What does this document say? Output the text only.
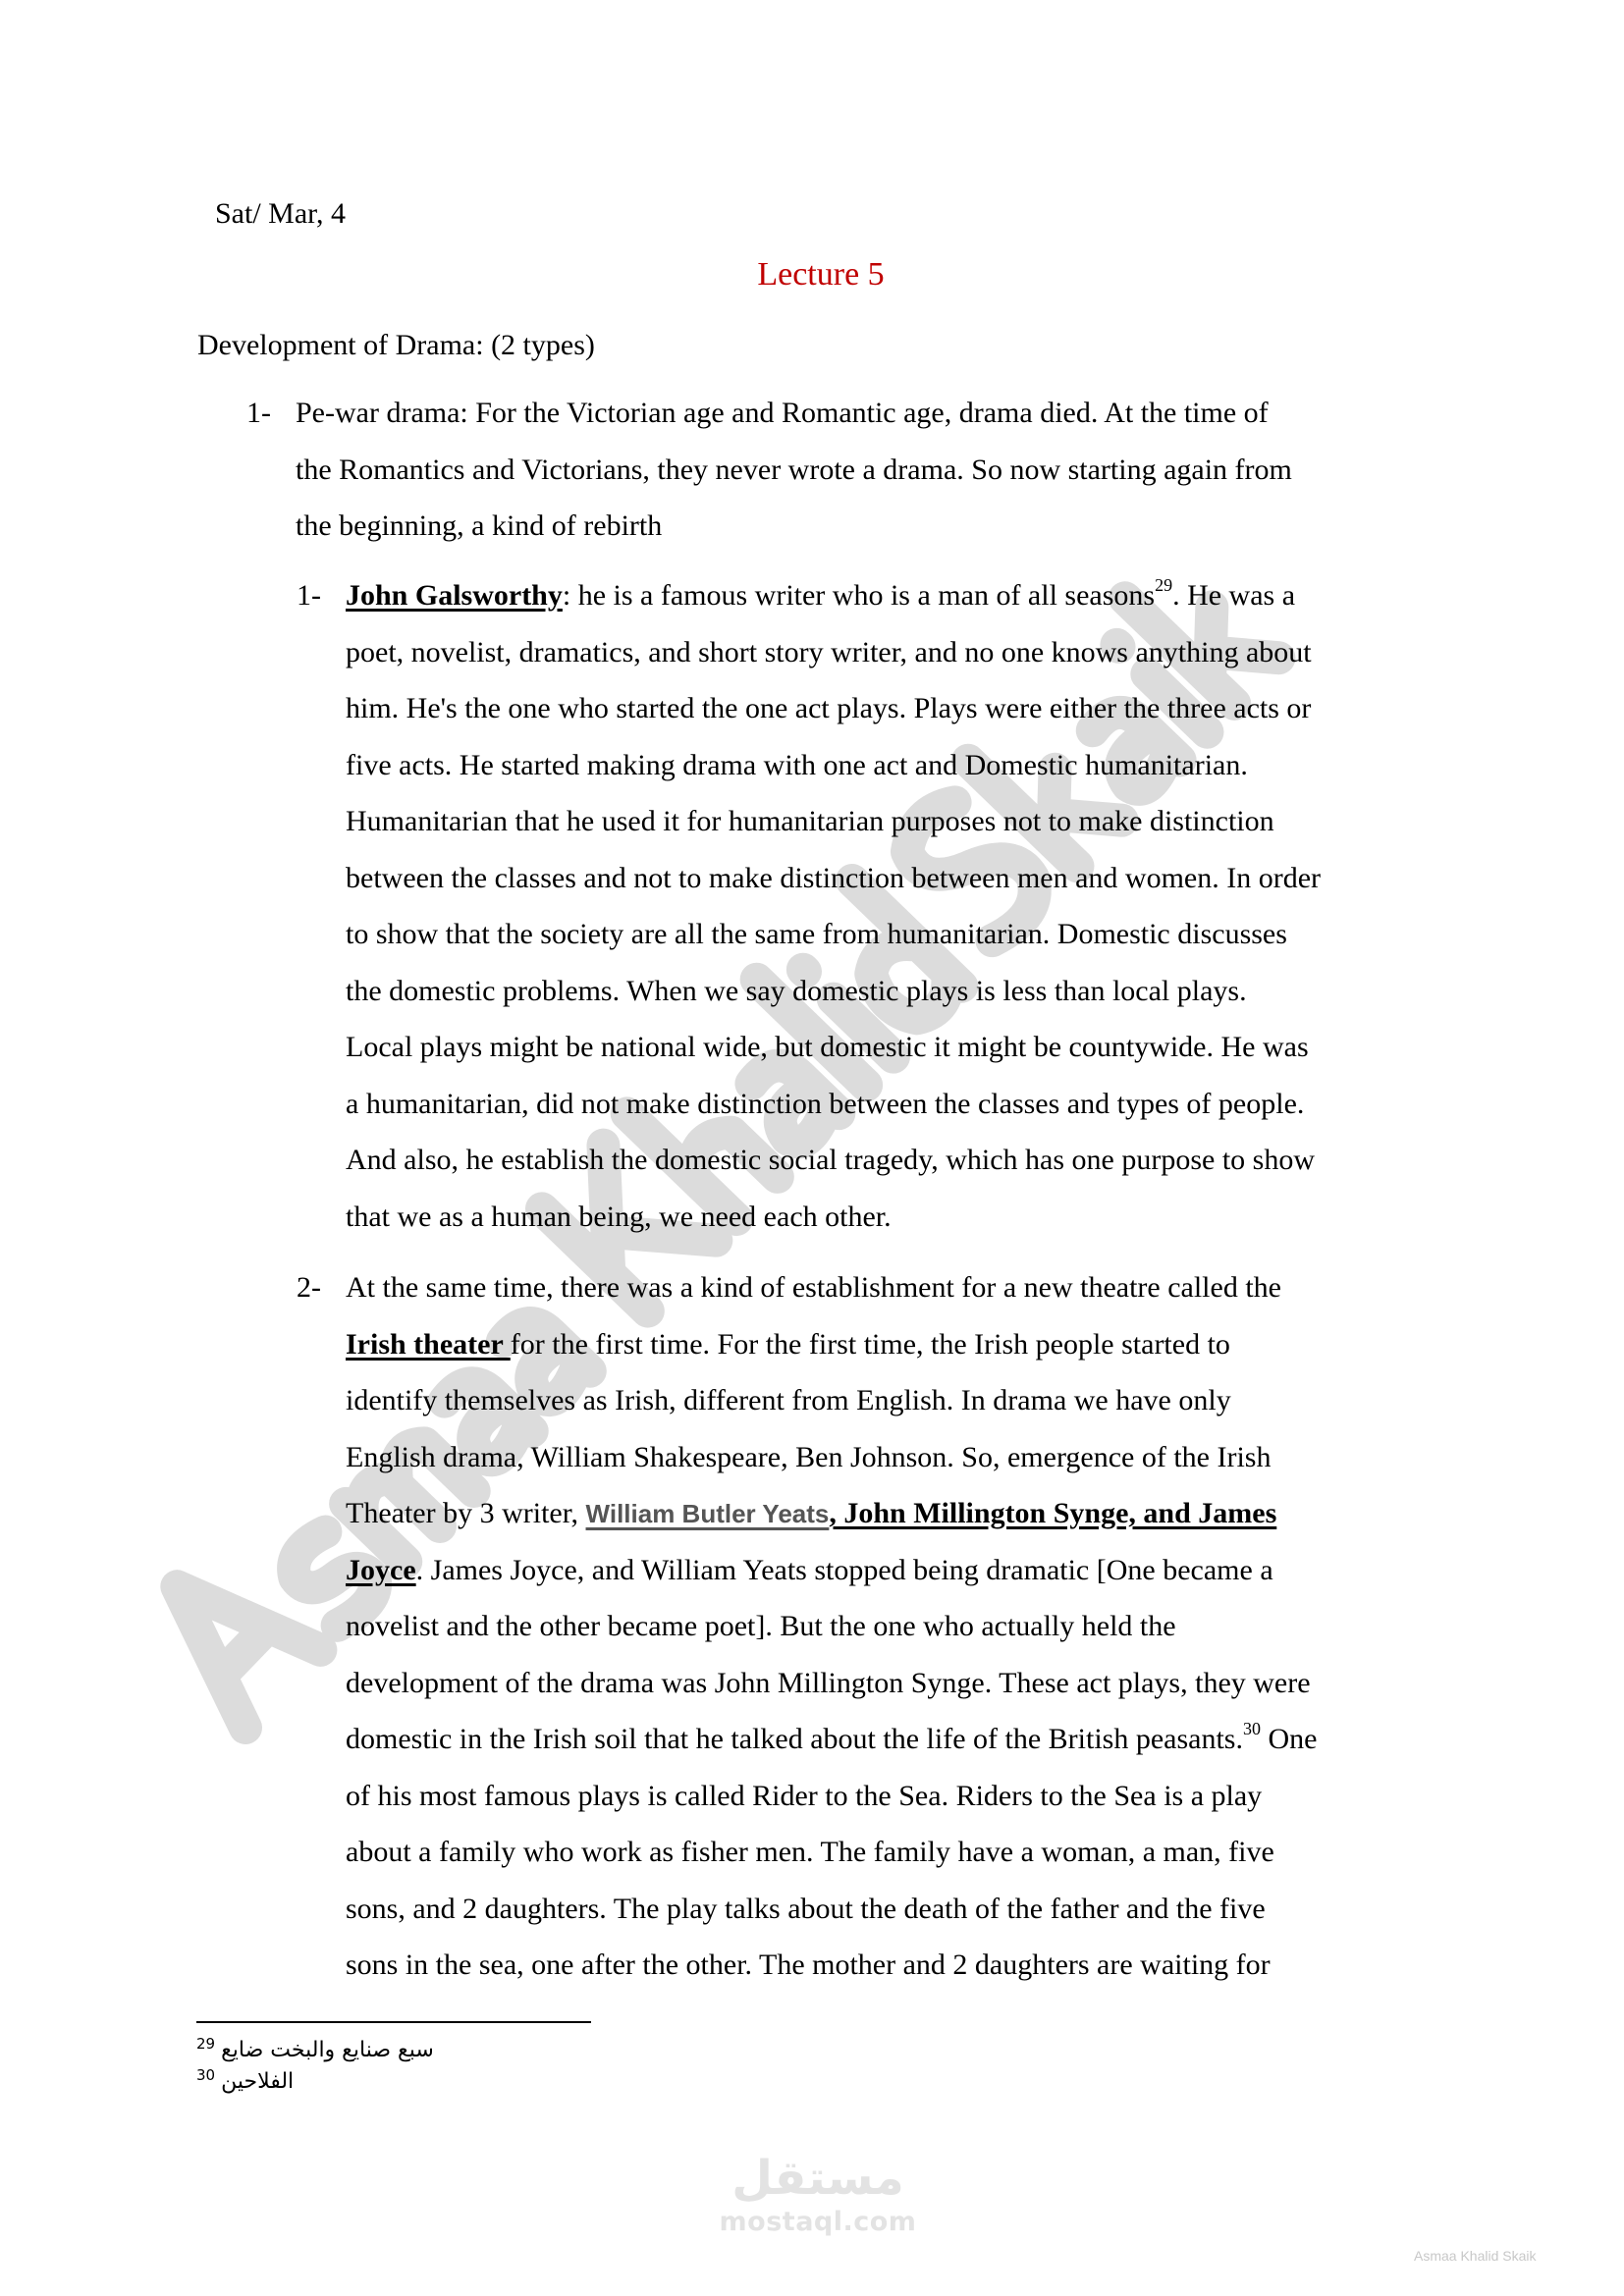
Sat/ Mar, 4
Lecture 5
Development of Drama: (2 types)
1- Pe-war drama: For the Victorian age and Romantic age, drama died. At the time of
the Romantics and Victorians, they never wrote a drama. So now starting again from
the beginning, a kind of rebirth
1- John Galsworthy: he is a famous writer who is a man of all seasons$^{29}$. He was a
poet, novelist, dramatics, and short story writer, and no one knows anything about
him. He's the one who started the one act plays. Plays were either the three acts or
five acts. He started making drama with one act and Domestic humanitarian.
Humanitarian that he used it for humanitarian purposes not to make distinction
between the classes and not to make distinction between men and women. In order
to show that the society are all the same from humanitarian. Domestic discusses
the domestic problems. When we say domestic plays is less than local plays.
Local plays might be national wide, but domestic it might be countywide. He was
a humanitarian, did not make distinction between the classes and types of people.
And also, he establish the domestic social tragedy, which has one purpose to show
that we as a human being, we need each other.
2- At the same time, there was a kind of establishment for a new theatre called the
Irish theater for the first time. For the first time, the Irish people started to
identify themselves as Irish, different from English. In drama we have only
English drama, William Shakespeare, Ben Johnson. So, emergence of the Irish
Theater by 3 writer, William Butler Yeats, John Millington Synge, and James
Joyce. James Joyce, and William Yeats stopped being dramatic [One became a
novelist and the other became poet]. But the one who actually held the
development of the drama was John Millington Synge. These act plays, they were
domestic in the Irish soil that he talked about the life of the British peasants.$^{30}$ One
of his most famous plays is called Rider to the Sea. Riders to the Sea is a play
about a family who work as fisher men. The family have a woman, a man, five
sons, and 2 daughters. The play talks about the death of the father and the five
sons in the sea, one after the other. The mother and 2 daughters are waiting for
$^{29}$ سبع صنايع والبخت ضايع
$^{30}$ الفلاحين
مستقل
mostaql.com
Asmaa Khalid Skaik
